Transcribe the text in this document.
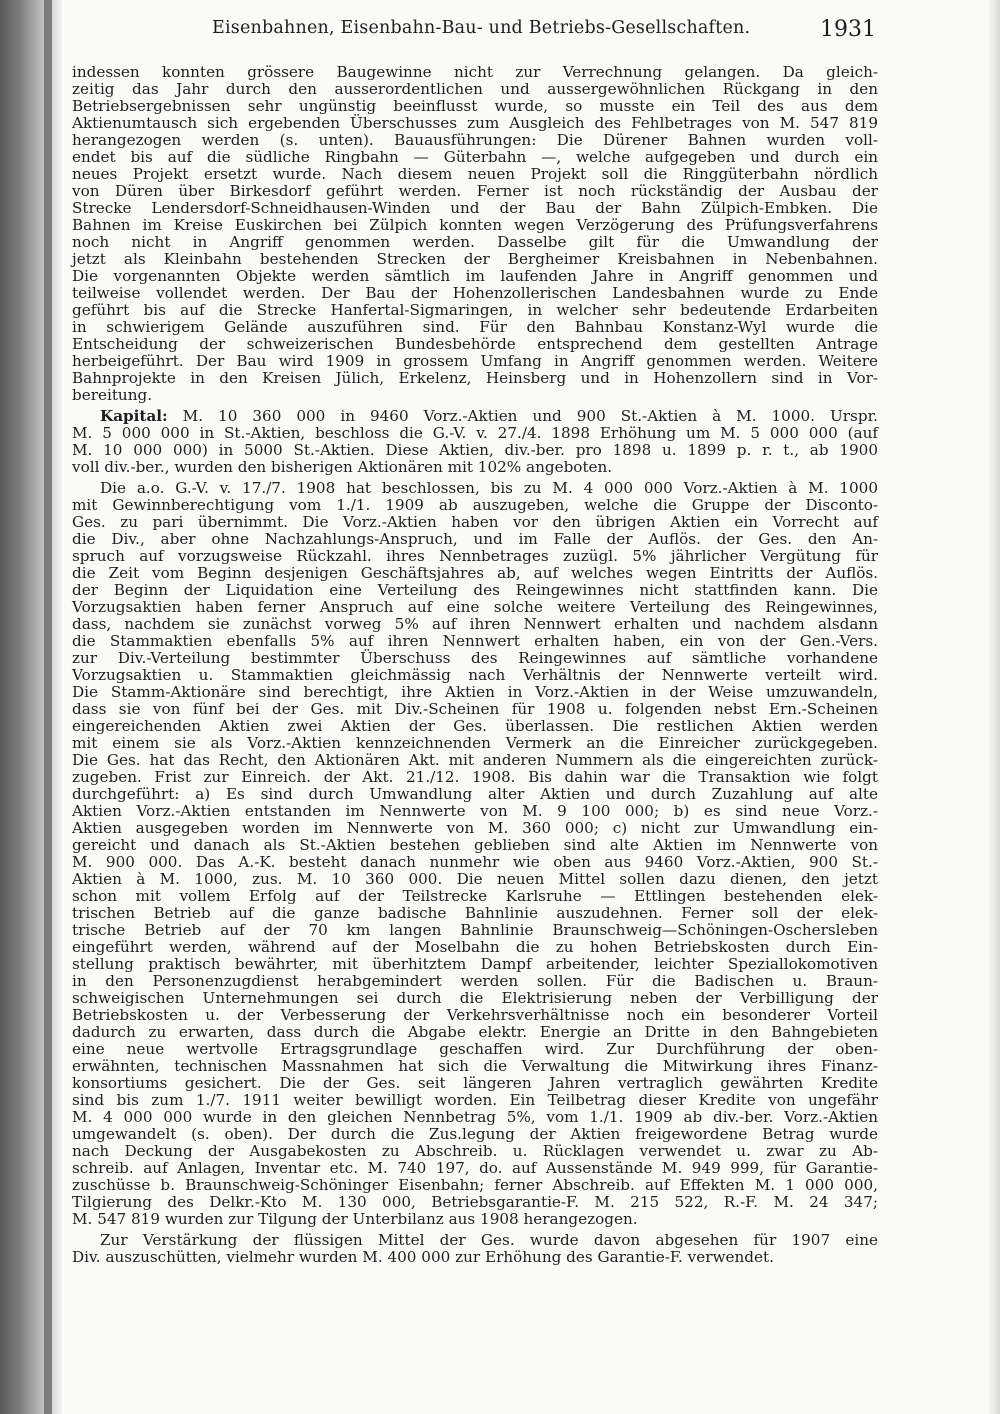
Eisenbahnen, Eisenbahn-Bau- und Betriebs-Gesellschaften.	1931

indessen konnten grössere Baugewinne nicht zur Verrechnung gelangen. Da gleich-

zeitig das Jahr durch den ausserordentlichen und aussergewöhnlichen Rückgang in den

Betriebsergebnissen sehr ungünstig beeinflusst wurde, so musste ein Teil des aus dem

Aktienumtausch sich ergebenden Überschusses zum Ausgleich des Fehlbetrages von M. 547 819

herangezogen werden (s. unten). Bauausführungen: Die Dürener Bahnen wurden voll-

endet bis auf die südliche Ringbahn — Güterbahn —, welche aufgegeben und durch ein

neues Projekt ersetzt wurde. Nach diesem neuen Projekt soll die Ringgüterbahn nördlich

von Düren über Birkesdorf geführt werden. Ferner ist noch rückständig der Ausbau der

Strecke Lendersdorf-Schneidhausen-Winden und der Bau der Bahn Zülpich-Embken. Die

Bahnen im Kreise Euskirchen bei Zülpich konnten wegen Verzögerung des Prüfungsverfahrens

noch nicht in Angriff genommen werden. Dasselbe gilt für die Umwandlung der

jetzt als Kleinbahn bestehenden Strecken der Bergheimer Kreisbahnen in Nebenbahnen.

Die vorgenannten Objekte werden sämtlich im laufenden Jahre in Angriff genommen und

teilweise vollendet werden. Der Bau der Hohenzollerischen Landesbahnen wurde zu Ende

geführt bis auf die Strecke Hanfertal-Sigmaringen, in welcher sehr bedeutende Erdarbeiten

in schwierigem Gelände auszuführen sind. Für den Bahnbau Konstanz-Wyl wurde die

Entscheidung der schweizerischen Bundesbehörde entsprechend dem gestellten Antrage

herbeigeführt. Der Bau wird 1909 in grossem Umfang in Angriff genommen werden. Weitere

Bahnprojekte in den Kreisen Jülich, Erkelenz, Heinsberg und in Hohenzollern sind in Vor-

bereitung.

Kapital: M. 10 360 000 in 9460 Vorz.-Aktien und 900 St.-Aktien à M. 1000. Urspr.

M. 5 000 000 in St.-Aktien, beschloss die G.-V. v. 27./4. 1898 Erhöhung um M. 5 000 000 (auf

M. 10 000 000) in 5000 St.-Aktien. Diese Aktien, div.-ber. pro 1898 u. 1899 p. r. t., ab 1900

voll div.-ber., wurden den bisherigen Aktionären mit 102% angeboten.

Die a.o. G.-V. v. 17./7. 1908 hat beschlossen, bis zu M. 4 000 000 Vorz.-Aktien à M. 1000

mit Gewinnberechtigung vom 1./1. 1909 ab auszugeben, welche die Gruppe der Disconto-

Ges. zu pari übernimmt. Die Vorz.-Aktien haben vor den übrigen Aktien ein Vorrecht auf

die Div., aber ohne Nachzahlungs-Anspruch, und im Falle der Auflös. der Ges. den An-

spruch auf vorzugsweise Rückzahl. ihres Nennbetrages zuzügl. 5% jährlicher Vergütung für

die Zeit vom Beginn desjenigen Geschäftsjahres ab, auf welches wegen Eintritts der Auflös.

der Beginn der Liquidation eine Verteilung des Reingewinnes nicht stattfinden kann. Die

Vorzugsaktien haben ferner Anspruch auf eine solche weitere Verteilung des Reingewinnes,

dass, nachdem sie zunächst vorweg 5% auf ihren Nennwert erhalten und nachdem alsdann

die Stammaktien ebenfalls 5% auf ihren Nennwert erhalten haben, ein von der Gen.-Vers.

zur Div.-Verteilung bestimmter Überschuss des Reingewinnes auf sämtliche vorhandene

Vorzugsaktien u. Stammaktien gleichmässig nach Verhältnis der Nennwerte verteilt wird.

Die Stamm-Aktionäre sind berechtigt, ihre Aktien in Vorz.-Aktien in der Weise umzuwandeln,

dass sie von fünf bei der Ges. mit Div.-Scheinen für 1908 u. folgenden nebst Ern.-Scheinen

eingereichenden Aktien zwei Aktien der Ges. überlassen. Die restlichen Aktien werden

mit einem sie als Vorz.-Aktien kennzeichnenden Vermerk an die Einreicher zurückgegeben.

Die Ges. hat das Recht, den Aktionären Akt. mit anderen Nummern als die eingereichten zurück-

zugeben. Frist zur Einreich. der Akt. 21./12. 1908. Bis dahin war die Transaktion wie folgt

durchgeführt: a) Es sind durch Umwandlung alter Aktien und durch Zuzahlung auf alte

Aktien Vorz.-Aktien entstanden im Nennwerte von M. 9 100 000; b) es sind neue Vorz.-

Aktien ausgegeben worden im Nennwerte von M. 360 000; c) nicht zur Umwandlung ein-

gereicht und danach als St.-Aktien bestehen geblieben sind alte Aktien im Nennwerte von

M. 900 000. Das A.-K. besteht danach nunmehr wie oben aus 9460 Vorz.-Aktien, 900 St.-

Aktien à M. 1000, zus. M. 10 360 000. Die neuen Mittel sollen dazu dienen, den jetzt

schon mit vollem Erfolg auf der Teilstrecke Karlsruhe — Ettlingen bestehenden elek-

trischen Betrieb auf die ganze badische Bahnlinie auszudehnen. Ferner soll der elek-

trische Betrieb auf der 70 km langen Bahnlinie Braunschweig—Schöningen-Oschersleben

eingeführt werden, während auf der Moselbahn die zu hohen Betriebskosten durch Ein-

stellung praktisch bewährter, mit überhitztem Dampf arbeitender, leichter Speziallokomotiven

in den Personenzugdienst herabgemindert werden sollen. Für die Badischen u. Braun-

schweigischen Unternehmungen sei durch die Elektrisierung neben der Verbilligung der

Betriebskosten u. der Verbesserung der Verkehrsverhältnisse noch ein besonderer Vorteil

dadurch zu erwarten, dass durch die Abgabe elektr. Energie an Dritte in den Bahngebieten

eine neue wertvolle Ertragsgrundlage geschaffen wird. Zur Durchführung der oben-

erwähnten, technischen Massnahmen hat sich die Verwaltung die Mitwirkung ihres Finanz-

konsortiums gesichert. Die der Ges. seit längeren Jahren vertraglich gewährten Kredite

sind bis zum 1./7. 1911 weiter bewilligt worden. Ein Teilbetrag dieser Kredite von ungefähr

M. 4 000 000 wurde in den gleichen Nennbetrag 5%, vom 1./1. 1909 ab div.-ber. Vorz.-Aktien

umgewandelt (s. oben). Der durch die Zus.legung der Aktien freigewordene Betrag wurde

nach Deckung der Ausgabekosten zu Abschreib. u. Rücklagen verwendet u. zwar zu Ab-

schreib. auf Anlagen, Inventar etc. M. 740 197, do. auf Aussenstände M. 949 999, für Garantie-

zuschüsse b. Braunschweig-Schöninger Eisenbahn; ferner Abschreib. auf Effekten M. 1 000 000,

Tilgierung des Delkr.-Kto M. 130 000, Betriebsgarantie-F. M. 215 522, R.-F. M. 24 347;

M. 547 819 wurden zur Tilgung der Unterbilanz aus 1908 herangezogen.

Zur Verstärkung der flüssigen Mittel der Ges. wurde davon abgesehen für 1907 eine

Div. auszuschütten, vielmehr wurden M. 400 000 zur Erhöhung des Garantie-F. verwendet.
